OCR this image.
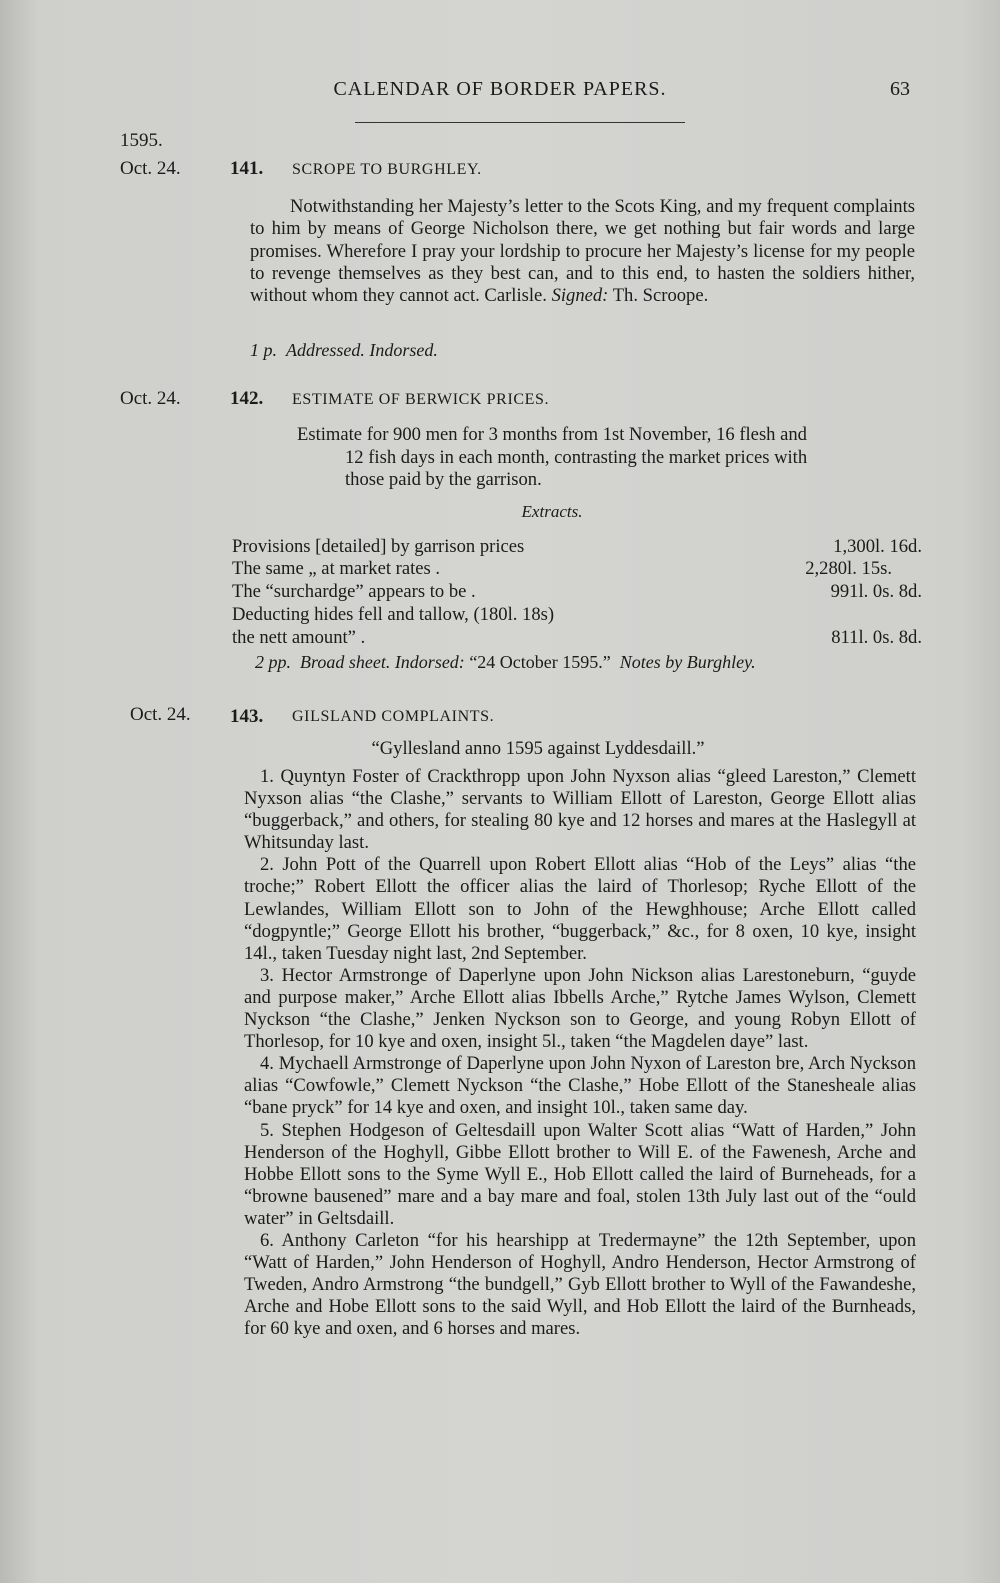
CALENDAR OF BORDER PAPERS.	63
1595.
Oct. 24.	141. SCROPE TO BURGHLEY.

Notwithstanding her Majesty’s letter to the Scots King, and my frequent complaints to him by means of George Nicholson there, we get nothing but fair words and large promises. Wherefore I pray your lordship to procure her Majesty’s license for my people to revenge themselves as they best can, and to this end, to hasten the soldiers hither, without whom they cannot act. Carlisle. Signed: Th. Scroope.

1 p. Addressed. Indorsed.
Oct. 24.	142. ESTIMATE OF BERWICK PRICES.
Estimate for 900 men for 3 months from 1st November, 16 flesh and
12 fish days in each month, contrasting the market prices with
those paid by the garrison.
Extracts.
Provisions [detailed] by garrison prices	1,300l. 16d.
The same „ at market rates .	2,280l. 15s.
The “surchardge” appears to be .	991l. 0s. 8d.
Deducting hides fell and tallow, (180l. 18s)
the nett amount” .	811l. 0s. 8d.
2 pp. Broad sheet. Indorsed: “24 October 1595.” Notes by Burghley.
Oct. 24. 143. GILSLAND COMPLAINTS.
“Gyllesland anno 1595 against Lyddesdaill.”

1. Quyntyn Foster of Crackthropp upon John Nyxson alias “gleed Lareston,” Clemett Nyxson alias “the Clashe,” servants to William Ellott of Lareston, George Ellott alias “buggerback,” and others, for stealing 80 kye and 12 horses and mares at the Haslegyll at Whitsunday last.

2. John Pott of the Quarrell upon Robert Ellott alias “Hob of the Leys” alias “the troche;” Robert Ellott the officer alias the laird of Thorlesop; Ryche Ellott of the Lewlandes, William Ellott son to John of the Hewghhouse; Arche Ellott called “dogpyntle;” George Ellott his brother, “buggerback,” &c., for 8 oxen, 10 kye, insight 14l., taken Tuesday night last, 2nd September.

3. Hector Armstronge of Daperlyne upon John Nickson alias Larestoneburn, “guyde and purpose maker,” Arche Ellott alias Ibbells Arche,” Rytche James Wylson, Clemett Nyckson “the Clashe,” Jenken Nyckson son to George, and young Robyn Ellott of Thorlesop, for 10 kye and oxen, insight 5l., taken “the Magdelen daye” last.

4. Mychaell Armstronge of Daperlyne upon John Nyxon of Lareston bre, Arch Nyckson alias “Cowfowle,” Clemett Nyckson “the Clashe,” Hobe Ellott of the Stanesheale alias “bane pryck” for 14 kye and oxen, and insight 10l., taken same day.

5. Stephen Hodgeson of Geltesdaill upon Walter Scott alias “Watt of Harden,” John Henderson of the Hoghyll, Gibbe Ellott brother to Will E. of the Fawenesh, Arche and Hobbe Ellott sons to the Syme Wyll E., Hob Ellott called the laird of Burneheads, for a “browne bausened” mare and a bay mare and foal, stolen 13th July last out of the “ould water” in Geltsdaill.

6. Anthony Carleton “for his hearshipp at Tredermayne” the 12th September, upon “Watt of Harden,” John Henderson of Hoghyll, Andro Henderson, Hector Armstrong of Tweden, Andro Armstrong “the bundgell,” Gyb Ellott brother to Wyll of the Fawandeshe, Arche and Hobe Ellott sons to the said Wyll, and Hob Ellott the laird of the Burnheads, for 60 kye and oxen, and 6 horses and mares.
